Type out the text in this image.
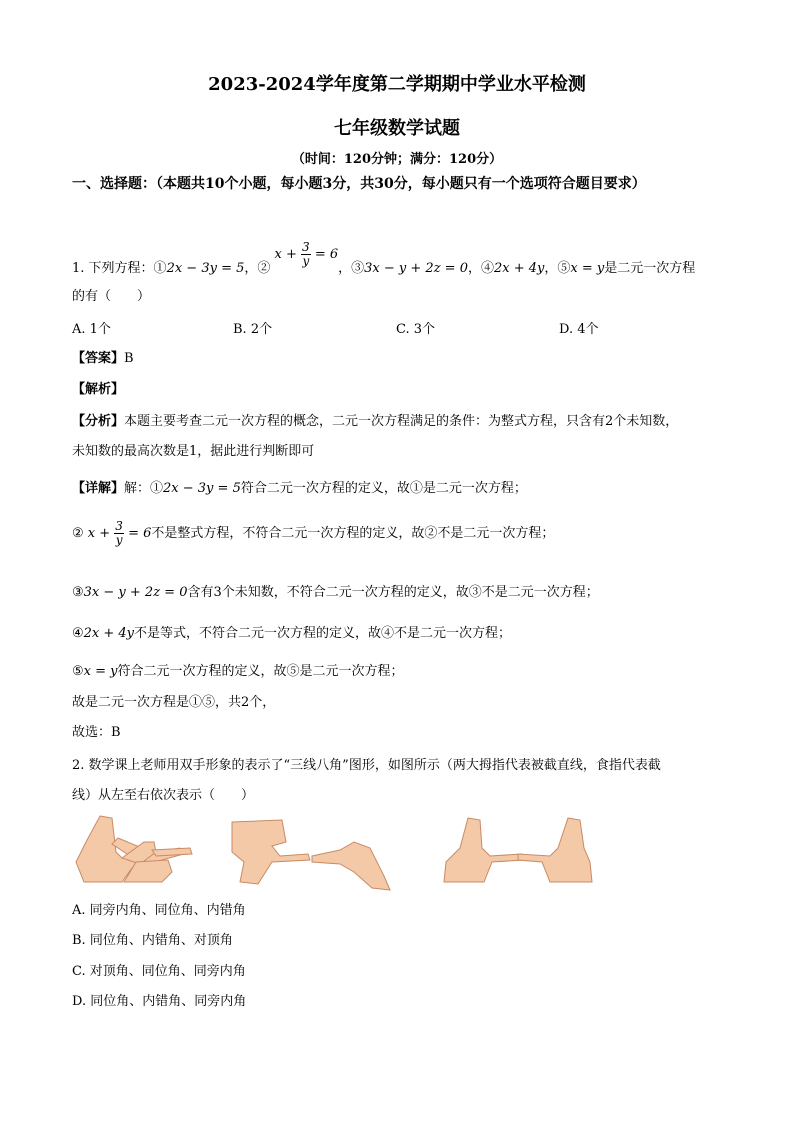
2023-2024学年度第二学期期中学业水平检测
七年级数学试题
（时间：120分钟；满分：120分）
一、选择题：（本题共10个小题，每小题3分，共30分，每小题只有一个选项符合题目要求）
1. 下列方程：①2x − 3y = 5，② $x + \frac{3}{y} = 6$，③3x − y + 2z = 0，④2x + 4y，⑤x = y是二元一次方程
的有（　　）
A. 1个	B. 2个	C. 3个	D. 4个
【答案】B
【解析】
【分析】本题主要考查二元一次方程的概念，二元一次方程满足的条件：为整式方程，只含有2个未知数，
未知数的最高次数是1，据此进行判断即可
【详解】解：①2x − 3y = 5符合二元一次方程的定义，故①是二元一次方程；
② $x + \frac{3}{y} = 6$不是整式方程，不符合二元一次方程的定义，故②不是二元一次方程；
③3x − y + 2z = 0含有3个未知数，不符合二元一次方程的定义，故③不是二元一次方程；
④2x + 4y不是等式，不符合二元一次方程的定义，故④不是二元一次方程；
⑤x = y符合二元一次方程的定义，故⑤是二元一次方程；
故是二元一次方程是①⑤，共2个，
故选：B
2. 数学课上老师用双手形象的表示了“三线八角”图形，如图所示（两大拇指代表被截直线，食指代表截
线）从左至右依次表示（　　）
A. 同旁内角、同位角、内错角
B. 同位角、内错角、对顶角
C. 对顶角、同位角、同旁内角
D. 同位角、内错角、同旁内角
